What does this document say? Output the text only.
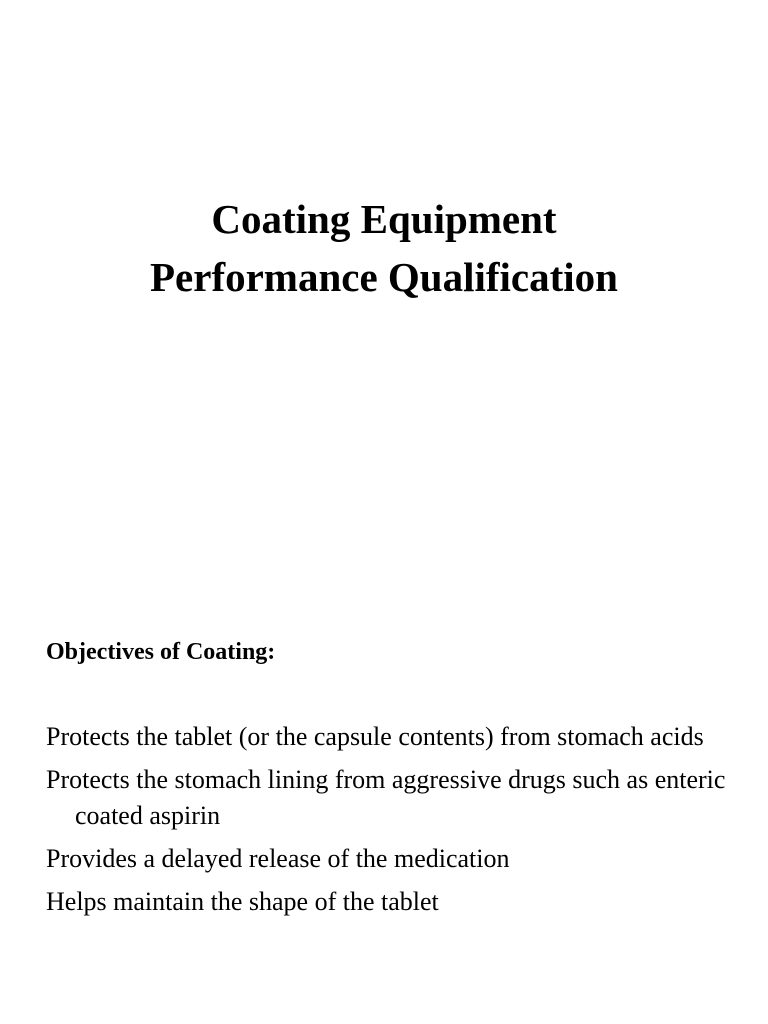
Coating Equipment
Performance Qualification
Objectives of Coating:
Protects the tablet (or the capsule contents) from stomach acids
Protects the stomach lining from aggressive drugs such as enteric coated aspirin
Provides a delayed release of the medication
Helps maintain the shape of the tablet
